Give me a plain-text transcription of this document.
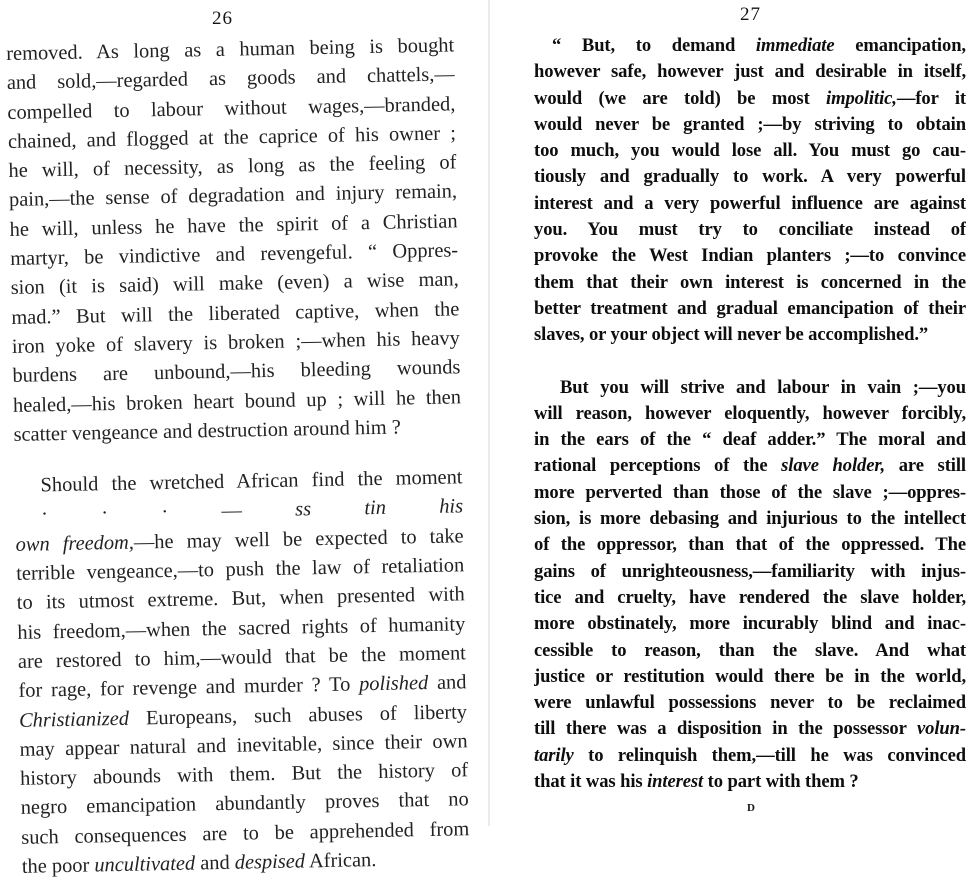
26
removed. As long as a human being is bought
and sold,—regarded as goods and chattels,—
compelled to labour without wages,—branded,
chained, and flogged at the caprice of his owner ;
he will, of necessity, as long as the feeling of
pain,—the sense of degradation and injury remain,
he will, unless he have the spirit of a Christian
martyr, be vindictive and revengeful. “ Oppres-
sion (it is said) will make (even) a wise man,
mad.” But will the liberated captive, when the
iron yoke of slavery is broken ;—when his heavy
burdens are unbound,—his bleeding wounds
healed,—his broken heart bound up ; will he then
scatter vengeance and destruction around him ?
Should the wretched African find the moment
· · · — ss tin his
own freedom,—he may well be expected to take
terrible vengeance,—to push the law of retaliation
to its utmost extreme. But, when presented with
his freedom,—when the sacred rights of humanity
are restored to him,—would that be the moment
for rage, for revenge and murder ? To polished and
Christianized Europeans, such abuses of liberty
may appear natural and inevitable, since their own
history abounds with them. But the history of
negro emancipation abundantly proves that no
such consequences are to be apprehended from
the poor uncultivated and despised African.
27
“ But, to demand immediate emancipation,
however safe, however just and desirable in itself,
would (we are told) be most impolitic,—for it
would never be granted ;—by striving to obtain
too much, you would lose all. You must go cau-
tiously and gradually to work. A very powerful
interest and a very powerful influence are against
you. You must try to conciliate instead of
provoke the West Indian planters ;—to convince
them that their own interest is concerned in the
better treatment and gradual emancipation of their
slaves, or your object will never be accomplished.”
But you will strive and labour in vain ;—you
will reason, however eloquently, however forcibly,
in the ears of the “ deaf adder.” The moral and
rational perceptions of the slave holder, are still
more perverted than those of the slave ;—oppres-
sion, is more debasing and injurious to the intellect
of the oppressor, than that of the oppressed. The
gains of unrighteousness,—familiarity with injus-
tice and cruelty, have rendered the slave holder,
more obstinately, more incurably blind and inac-
cessible to reason, than the slave. And what
justice or restitution would there be in the world,
were unlawful possessions never to be reclaimed
till there was a disposition in the possessor volun-
tarily to relinquish them,—till he was convinced
that it was his interest to part with them ?
D
